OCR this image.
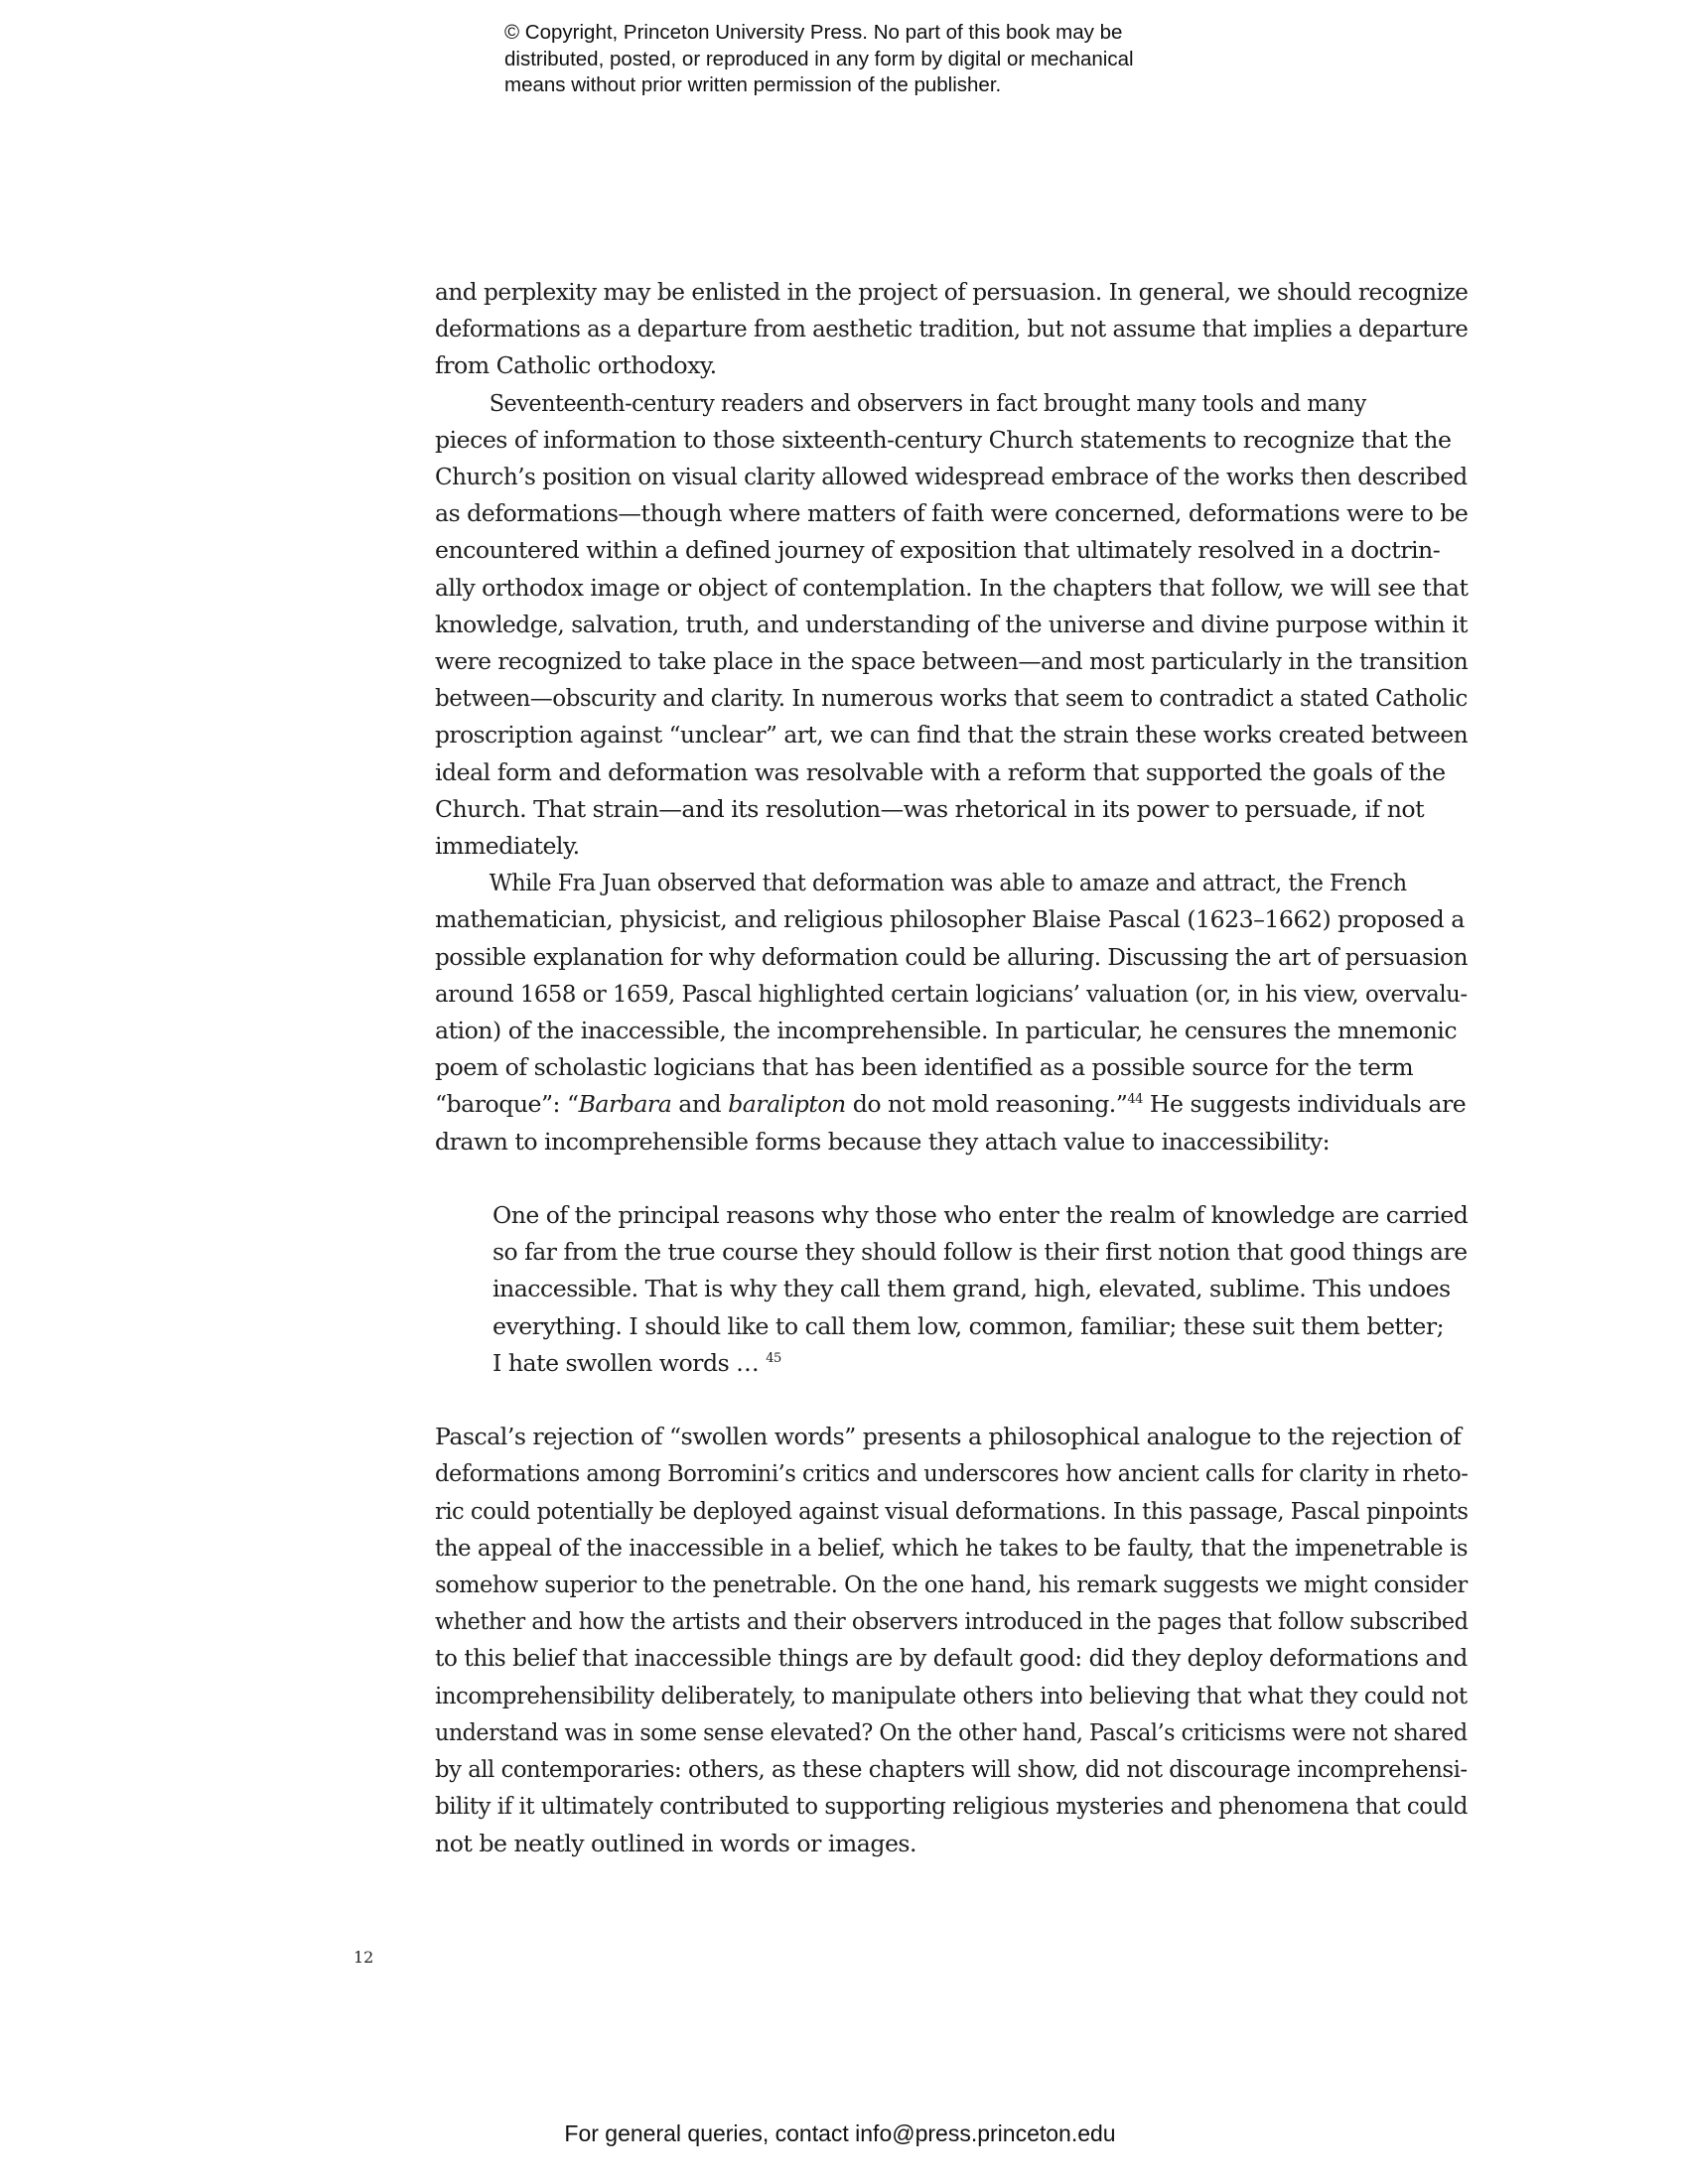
© Copyright, Princeton University Press. No part of this book may be
distributed, posted, or reproduced in any form by digital or mechanical
means without prior written permission of the publisher.
and perplexity may be enlisted in the project of persuasion. In general, we should recognize
deformations as a departure from aesthetic tradition, but not assume that implies a departure
from Catholic orthodoxy.
Seventeenth-century readers and observers in fact brought many tools and many
pieces of information to those sixteenth-century Church statements to recognize that the
Church’s position on visual clarity allowed widespread embrace of the works then described
as deformations—though where matters of faith were concerned, deformations were to be
encountered within a defined journey of exposition that ultimately resolved in a doctrin-
ally orthodox image or object of contemplation. In the chapters that follow, we will see that
knowledge, salvation, truth, and understanding of the universe and divine purpose within it
were recognized to take place in the space between—and most particularly in the transition
between—obscurity and clarity. In numerous works that seem to contradict a stated Catholic
proscription against “unclear” art, we can find that the strain these works created between
ideal form and deformation was resolvable with a reform that supported the goals of the
Church. That strain—and its resolution—was rhetorical in its power to persuade, if not
immediately.
While Fra Juan observed that deformation was able to amaze and attract, the French
mathematician, physicist, and religious philosopher Blaise Pascal (1623–1662) proposed a
possible explanation for why deformation could be alluring. Discussing the art of persuasion
around 1658 or 1659, Pascal highlighted certain logicians’ valuation (or, in his view, overvalu-
ation) of the inaccessible, the incomprehensible. In particular, he censures the mnemonic
poem of scholastic logicians that has been identified as a possible source for the term
“baroque”: “Barbara and baralipton do not mold reasoning.”$^{44}$ He suggests individuals are
drawn to incomprehensible forms because they attach value to inaccessibility:
One of the principal reasons why those who enter the realm of knowledge are carried
so far from the true course they should follow is their first notion that good things are
inaccessible. That is why they call them grand, high, elevated, sublime. This undoes
everything. I should like to call them low, common, familiar; these suit them better;
I hate swollen words … $^{45}$
Pascal’s rejection of “swollen words” presents a philosophical analogue to the rejection of
deformations among Borromini’s critics and underscores how ancient calls for clarity in rheto-
ric could potentially be deployed against visual deformations. In this passage, Pascal pinpoints
the appeal of the inaccessible in a belief, which he takes to be faulty, that the impenetrable is
somehow superior to the penetrable. On the one hand, his remark suggests we might consider
whether and how the artists and their observers introduced in the pages that follow subscribed
to this belief that inaccessible things are by default good: did they deploy deformations and
incomprehensibility deliberately, to manipulate others into believing that what they could not
understand was in some sense elevated? On the other hand, Pascal’s criticisms were not shared
by all contemporaries: others, as these chapters will show, did not discourage incomprehensi-
bility if it ultimately contributed to supporting religious mysteries and phenomena that could
not be neatly outlined in words or images.
12
For general queries, contact info@press.princeton.edu
